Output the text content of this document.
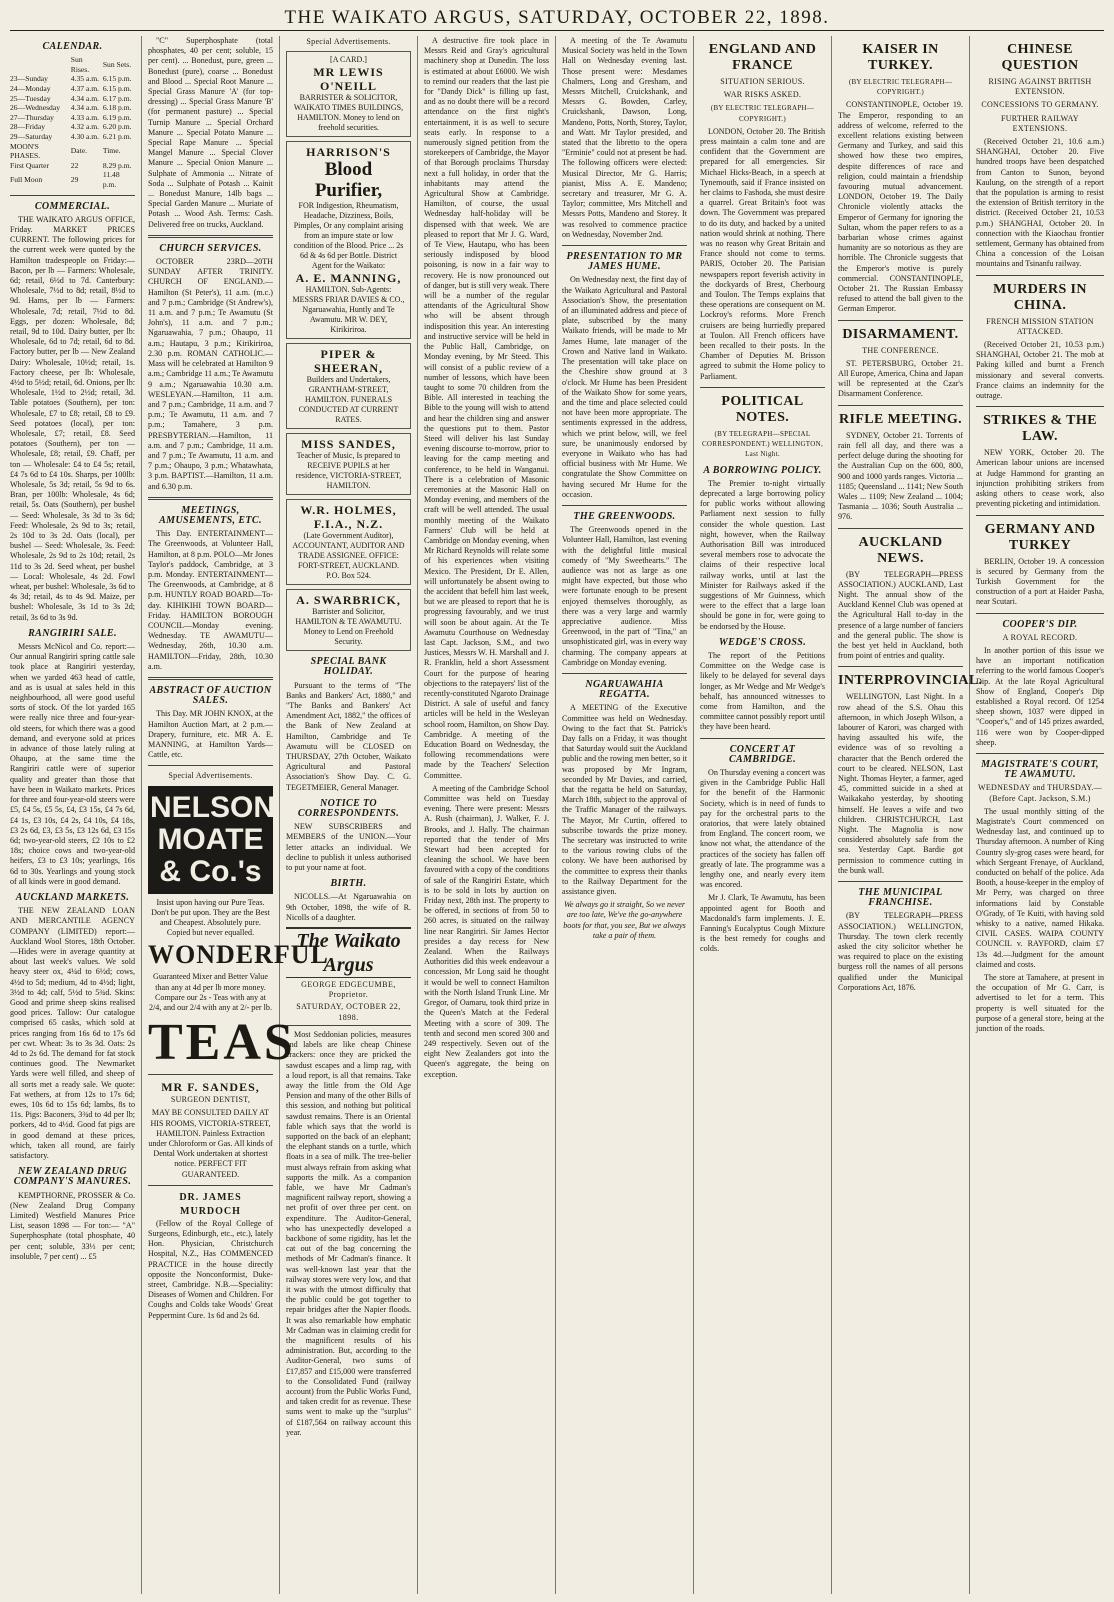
THE WAIKATO ARGUS, SATURDAY, OCTOBER 22, 1898.
CALENDAR.
	Sun Rises.	Sun Sets.
23—Sunday	4.35 a.m.	6.15 p.m.
24—Monday	4.37 a.m.	6.15 p.m.
25—Tuesday	4.34 a.m.	6.17 p.m.
26—Wednesday	4.34 a.m.	6.18 p.m.
27—Thursday	4.33 a.m.	6.19 p.m.
28—Friday	4.32 a.m.	6.20 p.m.
29—Saturday	4.30 a.m.	6.21 p.m.
MOON'S PHASES.	Date.	Time.
First Quarter	22	8.29 p.m.
Full Moon	29	11.48 p.m.
COMMERCIAL.
THE WAIKATO ARGUS OFFICE, Friday. MARKET PRICES CURRENT. The following prices for the current week were quoted by the Hamilton tradespeople on Friday:— Bacon, per lb — Farmers: Wholesale, 6d; retail, 6½d to 7d. Canterbury: Wholesale, 7½d to 8d; retail, 8½d to 9d. Hams, per lb — Farmers: Wholesale, 7d; retail, 7½d to 8d. Eggs, per dozen: Wholesale, 8d; retail, 9d to 10d. Dairy butter, per lb: Wholesale, 6d to 7d; retail, 6d to 8d. Factory butter, per lb — New Zealand Dairy: Wholesale, 10½d; retail, 1s. Factory cheese, per lb: Wholesale, 4½d to 5½d; retail, 6d. Onions, per lb: Wholesale, 1½d to 2½d; retail, 3d. Table potatoes (Southern), per ton: Wholesale, £7 to £8; retail, £8 to £9. Seed potatoes (local), per ton: Wholesale, £7; retail, £8. Seed potatoes (Southern), per ton — Wholesale, £8; retail, £9. Chaff, per ton — Wholesale: £4 to £4 5s; retail, £4 7s 6d to £4 10s. Sharps, per 100lb: Wholesale, 5s 3d; retail, 5s 9d to 6s. Bran, per 100lb: Wholesale, 4s 6d; retail, 5s. Oats (Southern), per bushel — Seed: Wholesale, 3s 3d to 3s 6d; Feed: Wholesale, 2s 9d to 3s; retail, 2s 10d to 3s 2d. Oats (local), per bushel — Seed: Wholesale, 3s. Feed: Wholesale, 2s 9d to 2s 10d; retail, 2s 11d to 3s 2d. Seed wheat, per bushel — Local: Wholesale, 4s 2d. Fowl wheat, per bushel: Wholesale, 3s 6d to 4s 3d; retail, 4s to 4s 9d. Maize, per bushel: Wholesale, 3s 1d to 3s 2d; retail, 3s 6d to 3s 9d.
RANGIRIRI SALE.
Messrs McNicol and Co. report:—Our annual Rangiriri spring cattle sale took place at Rangiriri yesterday, when we yarded 463 head of cattle, and as is usual at sales held in this neighbourhood, all were good useful sorts of stock. Of the lot yarded 165 were really nice three and four-year-old steers, for which there was a good demand, and everyone sold at prices in advance of those lately ruling at Ohaupo, at the same time the Rangiriri cattle were of superior quality and greater than those that have been in Waikato markets. Prices for three and four-year-old steers were £5, £4 5s, £5 5s, £4, £3 15s, £4 7s 6d, £4 1s, £3 10s, £4 2s, £4 10s, £4 18s, £3 2s 6d, £3, £3 5s, £3 12s 6d, £3 15s 6d; two-year-old steers, £2 10s to £2 18s; choice cows and two-year-old heifers, £3 to £3 10s; yearlings, 16s 6d to 30s. Yearlings and young stock of all kinds were in good demand.
AUCKLAND MARKETS.
THE NEW ZEALAND LOAN AND MERCANTILE AGENCY COMPANY (LIMITED) report:—Auckland Wool Stores, 18th October.—Hides were in average quantity at about last week's values. We sold heavy steer ox, 4¼d to 6½d; cows, 4½d to 5d; medium, 4d to 4½d; light, 3½d to 4d; calf, 5½d to 5¾d. Skins: Good and prime sheep skins realised good prices. Tallow: Our catalogue comprised 65 casks, which sold at prices ranging from 16s 6d to 17s 6d per cwt. Wheat: 3s to 3s 3d. Oats: 2s 4d to 2s 6d. The demand for fat stock continues good. The Newmarket Yards were well filled, and sheep of all sorts met a ready sale. We quote: Fat wethers, at from 12s to 17s 6d; ewes, 10s 6d to 15s 6d; lambs, 8s to 11s. Pigs: Baconers, 3¾d to 4d per lb; porkers, 4d to 4½d. Good fat pigs are in good demand at these prices, which, taken all round, are fairly satisfactory.
NEW ZEALAND DRUG COMPANY'S MANURES.
KEMPTHORNE, PROSSER & Co. (New Zealand Drug Company Limited) Westfield Manures Price List, season 1898 — For ton:— "A" Superphosphate (total phosphate, 40 per cent; soluble, 33⅓ per cent; insoluble, 7 per cent) ... £5
"C" Superphosphate (total phosphates, 40 per cent; soluble, 15 per cent). ... Bonedust, pure, green ... Bonedust (pure), coarse ... Bonedust and Blood ... Special Root Manure ... Special Grass Manure 'A' (for top-dressing) ... Special Grass Manure 'B' (for permanent pasture) ... Special Turnip Manure ... Special Orchard Manure ... Special Potato Manure ... Special Rape Manure ... Special Mangel Manure ... Special Clover Manure ... Special Onion Manure ... Sulphate of Ammonia ... Nitrate of Soda ... Sulphate of Potash ... Kainit ... Bonedust Manure, 14lb bags ... Special Garden Manure ... Muriate of Potash ... Wood Ash. Terms: Cash. Delivered free on trucks, Auckland.
CHURCH SERVICES.
OCTOBER 23RD—20TH SUNDAY AFTER TRINITY. CHURCH OF ENGLAND.—Hamilton (St Peter's), 11 a.m. (m.c.) and 7 p.m.; Cambridge (St Andrew's), 11 a.m. and 7 p.m.; Te Awamutu (St John's), 11 a.m. and 7 p.m.; Ngaruawahia, 7 p.m.; Ohaupo, 11 a.m.; Hautapu, 3 p.m.; Kirikiriroa, 2.30 p.m. ROMAN CATHOLIC.—Mass will be celebrated at Hamilton 9 a.m.; Cambridge 11 a.m.; Te Awamutu 9 a.m.; Ngaruawahia 10.30 a.m. WESLEYAN.—Hamilton, 11 a.m. and 7 p.m.; Cambridge, 11 a.m. and 7 p.m.; Te Awamutu, 11 a.m. and 7 p.m.; Tamahere, 3 p.m. PRESBYTERIAN.—Hamilton, 11 a.m. and 7 p.m.; Cambridge, 11 a.m. and 7 p.m.; Te Awamutu, 11 a.m. and 7 p.m.; Ohaupo, 3 p.m.; Whatawhata, 3 p.m. BAPTIST.—Hamilton, 11 a.m. and 6.30 p.m.
MEETINGS, AMUSEMENTS, ETC.
This Day. ENTERTAINMENT—The Greenwoods, at Volunteer Hall, Hamilton, at 8 p.m. POLO—Mr Jones Taylor's paddock, Cambridge, at 3 p.m. Monday. ENTERTAINMENT—The Greenwoods, at Cambridge, at 8 p.m. HUNTLY ROAD BOARD—To-day. KIHIKIHI TOWN BOARD—Friday. HAMILTON BOROUGH COUNCIL—Monday evening. Wednesday. TE AWAMUTU—Wednesday, 26th, 10.30 a.m. HAMILTON—Friday, 28th, 10.30 a.m.
ABSTRACT OF AUCTION SALES.
This Day. MR JOHN KNOX, at the Hamilton Auction Mart, at 2 p.m.—Drapery, furniture, etc. MR A. E. MANNING, at Hamilton Yards—Cattle, etc.
Special Advertisements.
NELSON MOATE & Co.'s
Insist upon having our Pure Teas. Don't be put upon. They are the Best and Cheapest. Absolutely pure. Copied but never equalled.
WONDERFUL
Guaranteed Mixer and Better Value than any at 4d per lb more money. Compare our 2s - Teas with any at 2/4, and our 2/4 with any at 2/- per lb.
TEAS
MR F. SANDES,
SURGEON DENTIST,
MAY BE CONSULTED DAILY AT HIS ROOMS, VICTORIA-STREET, HAMILTON. Painless Extraction under Chloroform or Gas. All kinds of Dental Work undertaken at shortest notice. PERFECT FIT GUARANTEED.
DR. JAMES MURDOCH
(Fellow of the Royal College of Surgeons, Edinburgh, etc., etc.), lately Hon. Physician, Christchurch Hospital, N.Z., Has COMMENCED PRACTICE in the house directly opposite the Nonconformist, Duke-street, Cambridge. N.B.—Speciality: Diseases of Women and Children. For Coughs and Colds take Woods' Great Peppermint Cure. 1s 6d and 2s 6d.
Special Advertisements.
[A CARD.]
MR LEWIS O'NEILL
BARRISTER & SOLICITOR, WAIKATO TIMES BUILDINGS, HAMILTON. Money to lend on freehold securities.
HARRISON'S
Blood Purifier,
FOR Indigestion, Rheumatism, Headache, Dizziness, Boils, Pimples, Or any complaint arising from an impure state or low condition of the Blood. Price ... 2s 6d & 4s 6d per Bottle. District Agent for the Waikato:
A. E. MANNING,
HAMILTON. Sub-Agents: MESSRS FRIAR DAVIES & CO., Ngaruawahia, Huntly and Te Awamutu. MR W. DEY, Kirikiriroa.
PIPER & SHEERAN,
Builders and Undertakers, GRANTHAM-STREET, HAMILTON. FUNERALS CONDUCTED AT CURRENT RATES.
MISS SANDES,
Teacher of Music, Is prepared to RECEIVE PUPILS at her residence, VICTORIA-STREET, HAMILTON.
W.R. HOLMES, F.I.A., N.Z.
(Late Government Auditor), ACCOUNTANT, AUDITOR AND TRADE ASSIGNEE. OFFICE: FORT-STREET, AUCKLAND. P.O. Box 524.
A. SWARBRICK,
Barrister and Solicitor, HAMILTON & TE AWAMUTU. Money to Lend on Freehold Security.
SPECIAL BANK HOLIDAY.
Pursuant to the terms of "The Banks and Bankers' Act, 1880," and "The Banks and Bankers' Act Amendment Act, 1882," the offices of the Bank of New Zealand at Hamilton, Cambridge and Te Awamutu will be CLOSED on THURSDAY, 27th October, Waikato Agricultural and Pastoral Association's Show Day. C. G. TEGETMEIER, General Manager.
NOTICE TO CORRESPONDENTS.
NEW SUBSCRIBERS and MEMBERS of the UNION.—Your letter attacks an individual. We decline to publish it unless authorised to put your name at foot.
BIRTH.
NICOLLS.—At Ngaruawahia on 9th October, 1898, the wife of R. Nicolls of a daughter.
The Waikato Argus
GEORGE EDGECUMBE, Proprietor.
SATURDAY, OCTOBER 22, 1898.
Most Seddonian policies, measures and labels are like cheap Chinese crackers: once they are pricked the sawdust escapes and a limp rag, with a loud report, is all that remains. Take away the little from the Old Age Pension and many of the other Bills of this session, and nothing but political sawdust remains. There is an Oriental fable which says that the world is supported on the back of an elephant; the elephant stands on a turtle, which floats in a sea of milk. The tree-belier must always refrain from asking what supports the milk. As a companion fable, we have Mr Cadman's magnificent railway report, showing a net profit of over three per cent. on expenditure. The Auditor-General, who has unexpectedly developed a backbone of some rigidity, has let the cat out of the bag concerning the methods of Mr Cadman's finance. It was well-known last year that the railway stores were very low, and that it was with the utmost difficulty that the public could be got together to repair bridges after the Napier floods. It was also remarkable how emphatic Mr Cadman was in claiming credit for the magnificent results of his administration. But, according to the Auditor-General, two sums of £17,857 and £15,000 were transferred to the Consolidated Fund (railway account) from the Public Works Fund, and taken credit for as revenue. These sums went to make up the "surplus" of £187,564 on railway account this year.
A destructive fire took place in Messrs Reid and Gray's agricultural machinery shop at Dunedin. The loss is estimated at about £6000. We wish to remind our readers that the last pie for "Dandy Dick" is filling up fast, and as no doubt there will be a record attendance on the first night's entertainment, it is as well to secure seats early. In response to a numerously signed petition from the storekeepers of Cambridge, the Mayor of that Borough proclaims Thursday next a full holiday, in order that the inhabitants may attend the Agricultural Show at Cambridge. Hamilton, of course, the usual Wednesday half-holiday will be dispensed with that week. We are pleased to report that Mr J. G. Ward, of Te View, Hautapu, who has been seriously indisposed by blood poisoning, is now in a fair way to recovery. He is now pronounced out of danger, but is still very weak. There will be a number of the regular attendants of the Agricultural Show who will be absent through indisposition this year. An interesting and instructive service will be held in the Public Hall, Cambridge, on Monday evening, by Mr Steed. This will consist of a public review of a number of lessons, which have been taught to some 70 children from the Bible. All interested in teaching the Bible to the young will wish to attend and hear the children sing and answer the questions put to them. Pastor Steed will deliver his last Sunday evening discourse to-morrow, prior to leaving for the camp meeting and conference, to be held in Wanganui. There is a celebration of Masonic ceremonies at the Masonic Hall on Monday evening, and members of the craft will be well attended. The usual monthly meeting of the Waikato Farmers' Club will be held at Cambridge on Monday evening, when Mr Richard Reynolds will relate some of his experiences when visiting Mexico. The President, Dr E. Allen, will unfortunately be absent owing to the accident that befell him last week, but we are pleased to report that he is progressing favourably, and we trust will soon be about again. At the Te Awamutu Courthouse on Wednesday last Capt. Jackson, S.M., and two Justices, Messrs W. H. Marshall and J. R. Franklin, held a short Assessment Court for the purpose of hearing objections to the ratepayers' list of the recently-constituted Ngaroto Drainage District. A sale of useful and fancy articles will be held in the Wesleyan school room, Hamilton, on Show Day. Cambridge. A meeting of the Education Board on Wednesday, the following recommendations were made by the Teachers' Selection Committee.
A meeting of the Cambridge School Committee was held on Tuesday evening. There were present: Messrs A. Rush (chairman), J. Walker, F. J. Brooks, and J. Hally. The chairman reported that the tender of Mrs Stewart had been accepted for cleaning the school. We have been favoured with a copy of the conditions of sale of the Rangiriri Estate, which is to be sold in lots by auction on Friday next, 28th inst. The property to be offered, in sections of from 50 to 260 acres, is situated on the railway line near Rangiriri. Sir James Hector presides a day recess for New Zealand. When the Railways Authorities did this week endeavour a concession, Mr Long said he thought it would be well to connect Hamilton with the North Island Trunk Line. Mr Gregor, of Oamaru, took third prize in the Queen's Match at the Federal Meeting with a score of 309. The tenth and second men scored 300 and 249 respectively. Seven out of the eight New Zealanders got into the Queen's aggregate, the being on exception.
A meeting of the Te Awamutu Musical Society was held in the Town Hall on Wednesday evening last. Those present were: Mesdames Chalmers, Long and Gresham, and Messrs Mitchell, Cruickshank, and Messrs G. Bowden, Carley, Cruickshank, Dawson, Long, Mandeno, Potts, North, Storey, Taylor, and Watt. Mr Taylor presided, and stated that the libretto to the opera "Erminie" could not at present be had. The following officers were elected: Musical Director, Mr G. Harris; pianist, Miss A. E. Mandeno; secretary and treasurer, Mr G. A. Taylor; committee, Mrs Mitchell and Messrs Potts, Mandeno and Storey. It was resolved to commence practice on Wednesday, November 2nd.
PRESENTATION TO MR JAMES HUME.
On Wednesday next, the first day of the Waikato Agricultural and Pastoral Association's Show, the presentation of an illuminated address and piece of plate, subscribed by the many Waikato friends, will be made to Mr James Hume, late manager of the Crown and Native land in Waikato. The presentation will take place on the Cheshire show ground at 3 o'clock. Mr Hume has been President of the Waikato Show for some years, and the time and place selected could not have been more appropriate. The sentiments expressed in the address, which we print below, will, we feel sure, be unanimously endorsed by everyone in Waikato who has had official business with Mr Hume. We congratulate the Show Committee on having secured Mr Hume for the occasion.
THE GREENWOODS.
The Greenwoods opened in the Volunteer Hall, Hamilton, last evening with the delightful little musical comedy of "My Sweethearts." The audience was not as large as one might have expected, but those who were fortunate enough to be present enjoyed themselves thoroughly, as there was a very large and warmly appreciative audience. Miss Greenwood, in the part of "Tina," an unsophisticated girl, was in every way charming. The company appears at Cambridge on Monday evening.
NGARUAWAHIA REGATTA.
A MEETING of the Executive Committee was held on Wednesday. Owing to the fact that St. Patrick's Day falls on a Friday, it was thought that Saturday would suit the Auckland public and the rowing men better, so it was proposed by Mr Ingram, seconded by Mr Davies, and carried, that the regatta be held on Saturday, March 18th, subject to the approval of the Traffic Manager of the railways. The Mayor, Mr Curtin, offered to subscribe towards the prize money. The secretary was instructed to write to the various rowing clubs of the colony. We have been authorised by the committee to express their thanks to the Railway Department for the assistance given.
We always go it straight, So we never are too late, We've the go-anywhere boots for that, you see, But we always take a pair of them.
ENGLAND AND FRANCE
SITUATION SERIOUS.
WAR RISKS ASKED.
(BY ELECTRIC TELEGRAPH—COPYRIGHT.)
LONDON, October 20. The British press maintain a calm tone and are confident that the Government are prepared for all emergencies. Sir Michael Hicks-Beach, in a speech at Tynemouth, said if France insisted on her claims to Fashoda, she must desire a quarrel. Great Britain's foot was down. The Government was prepared to do its duty, and backed by a united nation would shrink at nothing. There was no reason why Great Britain and France should not come to terms. PARIS, October 20. The Parisian newspapers report feverish activity in the dockyards of Brest, Cherbourg and Toulon. The Temps explains that these operations are consequent on M. Lockroy's reforms. More French cruisers are being hurriedly prepared at Toulon. All French officers have been recalled to their posts. In the Chamber of Deputies M. Brisson agreed to submit the Home policy to Parliament.
POLITICAL NOTES.
(BY TELEGRAPH—SPECIAL CORRESPONDENT.) WELLINGTON, Last Night.
A BORROWING POLICY.
The Premier to-night virtually deprecated a large borrowing policy for public works without allowing Parliament next session to fully consider the whole question. Last night, however, when the Railway Authorisation Bill was introduced several members rose to advocate the claims of their respective local railway works, until at last the Minister for Railways asked if the suggestions of Mr Guinness, which were to the effect that a large loan should be gone in for, were going to be endorsed by the House.
WEDGE'S CROSS.
The report of the Petitions Committee on the Wedge case is likely to be delayed for several days longer, as Mr Wedge and Mr Wedge's behalf, has announced witnesses to come from Hamilton, and the committee cannot possibly report until they have been heard.
CONCERT AT CAMBRIDGE.
On Thursday evening a concert was given in the Cambridge Public Hall for the benefit of the Harmonic Society, which is in need of funds to pay for the orchestral parts to the oratorios, that were lately obtained from England. The concert room, we know not what, the attendance of the practices of the society has fallen off greatly of late. The programme was a lengthy one, and nearly every item was encored.
Mr J. Clark, Te Awamutu, has been appointed agent for Booth and Macdonald's farm implements. J. E. Fanning's Eucalyptus Cough Mixture is the best remedy for coughs and colds.
KAISER IN TURKEY.
(BY ELECTRIC TELEGRAPH—COPYRIGHT.)
CONSTANTINOPLE, October 19. The Emperor, responding to an address of welcome, referred to the excellent relations existing between Germany and Turkey, and said this showed how these two empires, despite differences of race and religion, could maintain a friendship favouring mutual advancement. LONDON, October 19. The Daily Chronicle violently attacks the Emperor of Germany for ignoring the Sultan, whom the paper refers to as a barbarian whose crimes against humanity are so notorious as they are horrible. The Chronicle suggests that the Emperor's motive is purely commercial. CONSTANTINOPLE, October 21. The Russian Embassy refused to attend the ball given to the German Emperor.
DISARMAMENT.
THE CONFERENCE.
ST. PETERSBURG, October 21. All Europe, America, China and Japan will be represented at the Czar's Disarmament Conference.
RIFLE MEETING.
SYDNEY, October 21. Torrents of rain fell all day, and there was a perfect deluge during the shooting for the Australian Cup on the 600, 800, 900 and 1000 yards ranges. Victoria ... 1185; Queensland ... 1141; New South Wales ... 1109; New Zealand ... 1004; Tasmania ... 1036; South Australia ... 976.
AUCKLAND NEWS.
(BY TELEGRAPH—PRESS ASSOCIATION.) AUCKLAND, Last Night. The annual show of the Auckland Kennel Club was opened at the Agricultural Hall to-day in the presence of a large number of fanciers and the general public. The show is the best yet held in Auckland, both from point of entries and quality.
INTERPROVINCIAL.
WELLINGTON, Last Night. In a row ahead of the S.S. Ohau this afternoon, in which Joseph Wilson, a labourer of Karori, was charged with having assaulted his wife, the evidence was of so revolting a character that the Bench ordered the court to be cleared. NELSON, Last Night. Thomas Heyter, a farmer, aged 45, committed suicide in a shed at Waikakaho yesterday, by shooting himself. He leaves a wife and two children. CHRISTCHURCH, Last Night. The Magnolia is now considered absolutely safe from the sea. Yesterday Capt. Bardie got permission to commence cutting in the bunk wall.
THE MUNICIPAL FRANCHISE.
(BY TELEGRAPH—PRESS ASSOCIATION.) WELLINGTON, Thursday. The town clerk recently asked the city solicitor whether he was required to place on the existing burgess roll the names of all persons qualified under the Municipal Corporations Act, 1876.
CHINESE QUESTION
RISING AGAINST BRITISH EXTENSION.
CONCESSIONS TO GERMANY.
FURTHER RAILWAY EXTENSIONS.
(Received October 21, 10.6 a.m.) SHANGHAI, October 20. Five hundred troops have been despatched from Canton to Sunon, beyond Kaulung, on the strength of a report that the population is arming to resist the extension of British territory in the district. (Received October 21, 10.53 p.m.) SHANGHAI, October 20. In connection with the Kiaochau frontier settlement, Germany has obtained from China a concession of the Loisan mountains and Tsinanfu railway.
MURDERS IN CHINA.
FRENCH MISSION STATION ATTACKED.
(Received October 21, 10.53 p.m.) SHANGHAI, October 21. The mob at Paking killed and burnt a French missionary and several converts. France claims an indemnity for the outrage.
STRIKES & THE LAW.
NEW YORK, October 20. The American labour unions are incensed at Judge Hammond for granting an injunction prohibiting strikers from asking others to cease work, also preventing picketing and intimidation.
GERMANY AND TURKEY
BERLIN, October 19. A concession is secured by Germany from the Turkish Government for the construction of a port at Haider Pasha, near Scutari.
COOPER'S DIP.
A ROYAL RECORD.
In another portion of this issue we have an important notification referring to the world famous Cooper's Dip. At the late Royal Agricultural Show of England, Cooper's Dip established a Royal record. Of 1254 sheep shown, 1037 were dipped in "Cooper's," and of 145 prizes awarded, 116 were won by Cooper-dipped sheep.
MAGISTRATE'S COURT, TE AWAMUTU.
WEDNESDAY and THURSDAY.—(Before Capt. Jackson, S.M.)
The usual monthly sitting of the Magistrate's Court commenced on Wednesday last, and continued up to Thursday afternoon. A number of King Country sly-grog cases were heard, for which Sergeant Frenaye, of Auckland, conducted on behalf of the police. Ada Booth, a house-keeper in the employ of Mr Perry, was charged on three informations laid by Constable O'Grady, of Te Kuiti, with having sold whisky to a native, named Hikaka. CIVIL CASES. WAIPA COUNTY COUNCIL v. RAYFORD, claim £7 13s 4d.—Judgment for the amount claimed and costs.
The store at Tamahere, at present in the occupation of Mr G. Carr, is advertised to let for a term. This property is well situated for the purpose of a general store, being at the junction of the roads.
